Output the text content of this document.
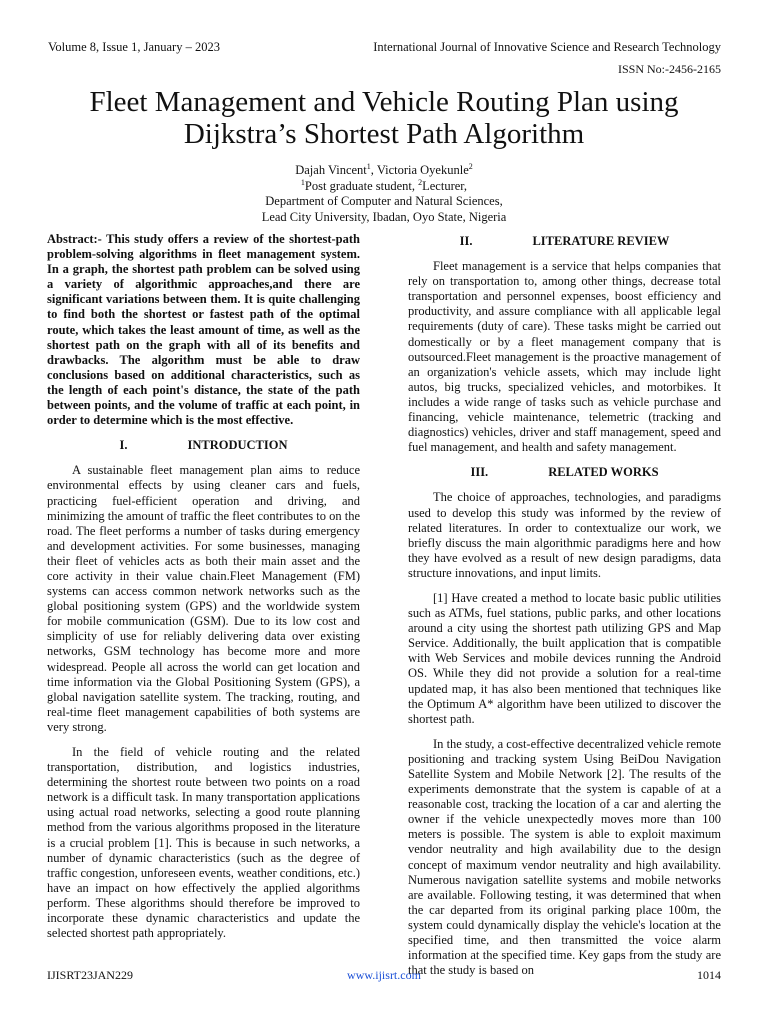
Volume 8, Issue 1, January – 2023	International Journal of Innovative Science and Research Technology
ISSN No:-2456-2165
Fleet Management and Vehicle Routing Plan using
Dijkstra’s Shortest Path Algorithm
Dajah Vincent$^1$, Victoria Oyekunle$^2$
$^1$Post graduate student, $^2$Lecturer,
Department of Computer and Natural Sciences,
Lead City University, Ibadan, Oyo State, Nigeria

Abstract:- This study offers a review of the shortest-path problem-solving algorithms in fleet management system. In a graph, the shortest path problem can be solved using a variety of algorithmic approaches,and there are significant variations between them. It is quite challenging to find both the shortest or fastest path of the optimal route, which takes the least amount of time, as well as the shortest path on the graph with all of its benefits and drawbacks. The algorithm must be able to draw conclusions based on additional characteristics, such as the length of each point's distance, the state of the path between points, and the volume of traffic at each point, in order to determine which is the most effective.

I.	INTRODUCTION

A sustainable fleet management plan aims to reduce environmental effects by using cleaner cars and fuels, practicing fuel-efficient operation and driving, and minimizing the amount of traffic the fleet contributes to on the road. The fleet performs a number of tasks during emergency and development activities. For some businesses, managing their fleet of vehicles acts as both their main asset and the core activity in their value chain.Fleet Management (FM) systems can access common network networks such as the global positioning system (GPS) and the worldwide system for mobile communication (GSM). Due to its low cost and simplicity of use for reliably delivering data over existing networks, GSM technology has become more and more widespread. People all across the world can get location and time information via the Global Positioning System (GPS), a global navigation satellite system. The tracking, routing, and real-time fleet management capabilities of both systems are very strong.

In the field of vehicle routing and the related transportation, distribution, and logistics industries, determining the shortest route between two points on a road network is a difficult task. In many transportation applications using actual road networks, selecting a good route planning method from the various algorithms proposed in the literature is a crucial problem [1]. This is because in such networks, a number of dynamic characteristics (such as the degree of traffic congestion, unforeseen events, weather conditions, etc.) have an impact on how effectively the applied algorithms perform. These algorithms should therefore be improved to incorporate these dynamic characteristics and update the selected shortest path appropriately.

II.	LITERATURE REVIEW

Fleet management is a service that helps companies that rely on transportation to, among other things, decrease total transportation and personnel expenses, boost efficiency and productivity, and assure compliance with all applicable legal requirements (duty of care). These tasks might be carried out domestically or by a fleet management company that is outsourced.Fleet management is the proactive management of an organization's vehicle assets, which may include light autos, big trucks, specialized vehicles, and motorbikes. It includes a wide range of tasks such as vehicle purchase and financing, vehicle maintenance, telemetric (tracking and diagnostics) vehicles, driver and staff management, speed and fuel management, and health and safety management.

III.	RELATED WORKS

The choice of approaches, technologies, and paradigms used to develop this study was informed by the review of related literatures. In order to contextualize our work, we briefly discuss the main algorithmic paradigms here and how they have evolved as a result of new design paradigms, data structure innovations, and input limits.

[1] Have created a method to locate basic public utilities such as ATMs, fuel stations, public parks, and other locations around a city using the shortest path utilizing GPS and Map Service. Additionally, the built application that is compatible with Web Services and mobile devices running the Android OS. While they did not provide a solution for a real-time updated map, it has also been mentioned that techniques like the Optimum A* algorithm have been utilized to discover the shortest path.

In the study, a cost-effective decentralized vehicle remote positioning and tracking system Using BeiDou Navigation Satellite System and Mobile Network [2]. The results of the experiments demonstrate that the system is capable of at a reasonable cost, tracking the location of a car and alerting the owner if the vehicle unexpectedly moves more than 100 meters is possible. The system is able to exploit maximum vendor neutrality and high availability due to the design concept of maximum vendor neutrality and high availability. Numerous navigation satellite systems and mobile networks are available. Following testing, it was determined that when the car departed from its original parking place 100m, the system could dynamically display the vehicle's location at the specified time, and then transmitted the voice alarm information at the specified time. Key gaps from the study are that the study is based on

IJISRT23JAN229	www.ijisrt.com	1014
